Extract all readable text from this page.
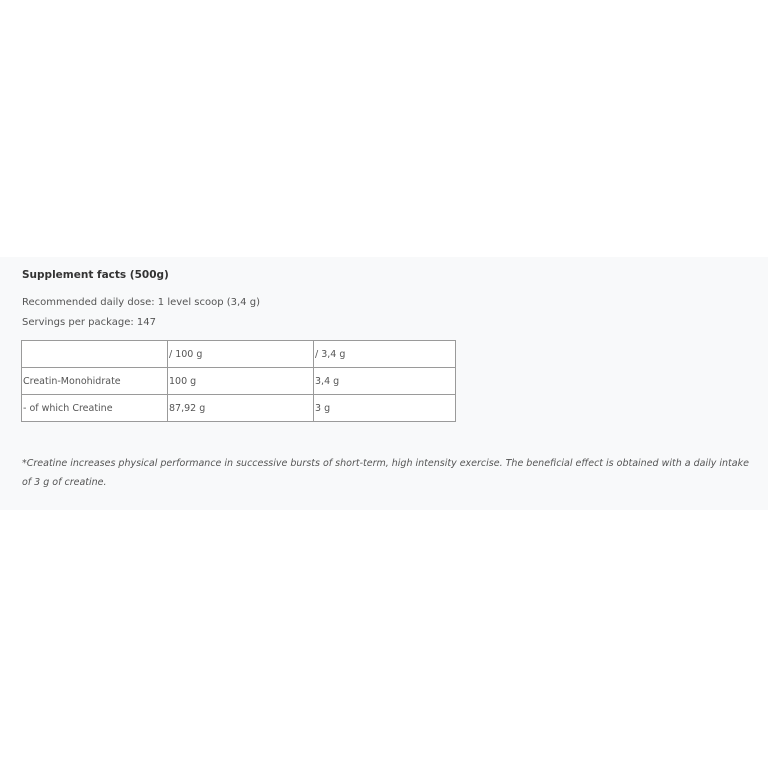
Supplement facts (500g)
Recommended daily dose: 1 level scoop (3,4 g)
Servings per package: 147
	/ 100 g	/ 3,4 g
Creatin-Monohidrate	100 g	3,4 g
- of which Creatine	87,92 g	3 g
*Creatine increases physical performance in successive bursts of short-term, high intensity exercise. The beneficial effect is obtained with a daily intake of 3 g of creatine.
